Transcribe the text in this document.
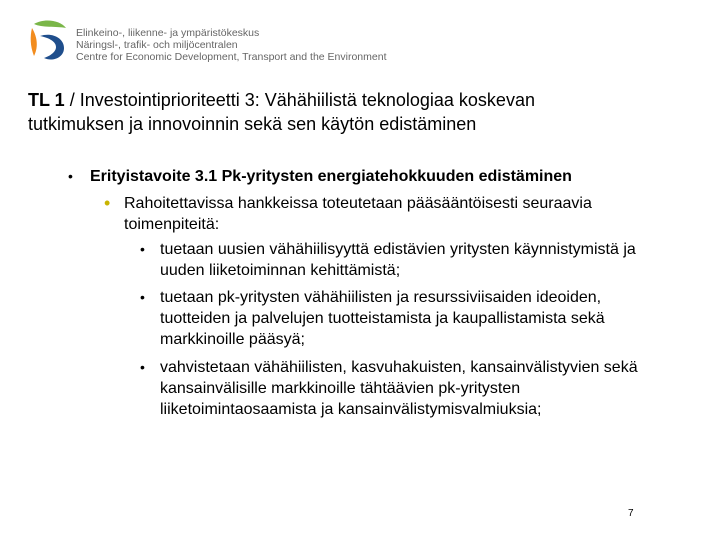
Elinkeino-, liikenne- ja ympäristökeskus
Näringsl-, trafik- och miljöcentralen
Centre for Economic Development, Transport and the Environment
TL 1 / Investointiprioriteetti 3: Vähähiilistä teknologiaa koskevan
tutkimuksen ja innovoinnin sekä sen käytön edistäminen
• Erityistavoite 3.1 Pk-yritysten energiatehokkuuden edistäminen
• Rahoitettavissa hankkeissa toteutetaan pääsääntöisesti seuraavia toimenpiteitä:
• tuetaan uusien vähähiilisyyttä edistävien yritysten käynnistymistä ja uuden liiketoiminnan kehittämistä;
• tuetaan pk-yritysten vähähiilisten ja resurssiviisaiden ideoiden, tuotteiden ja palvelujen tuotteistamista ja kaupallistamista sekä markkinoille pääsyä;
• vahvistetaan vähähiilisten, kasvuhakuisten, kansainvälistyvien sekä kansainvälisille markkinoille tähtäävien pk-yritysten liiketoimintaosaamista ja kansainvälistymisvalmiuksia;
7
